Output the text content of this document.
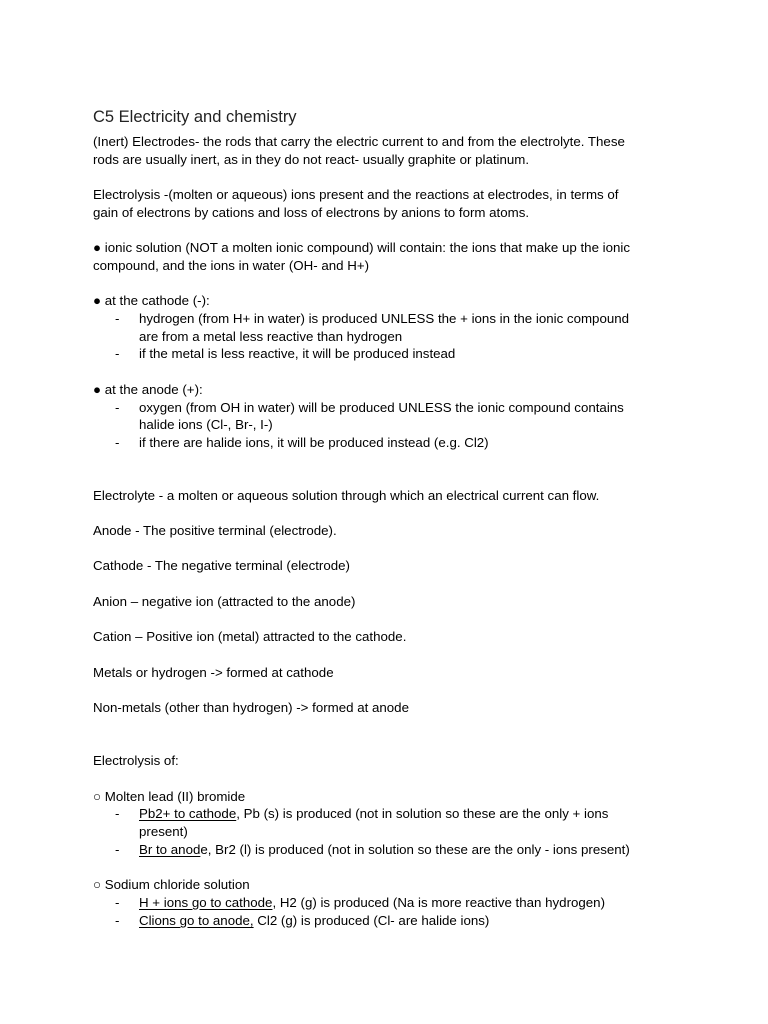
C5 Electricity and chemistry
(Inert) Electrodes- the rods that carry the electric current to and from the electrolyte. These
rods are usually inert, as in they do not react- usually graphite or platinum.
Electrolysis -(molten or aqueous) ions present and the reactions at electrodes, in terms of
gain of electrons by cations and loss of electrons by anions to form atoms.
● ionic solution (NOT a molten ionic compound) will contain: the ions that make up the ionic
compound, and the ions in water (OH- and H+)
● at the cathode (-):
- hydrogen (from H+ in water) is produced UNLESS the + ions in the ionic compound
are from a metal less reactive than hydrogen
- if the metal is less reactive, it will be produced instead
● at the anode (+):
- oxygen (from OH in water) will be produced UNLESS the ionic compound contains
halide ions (Cl-, Br-, I-)
- if there are halide ions, it will be produced instead (e.g. Cl2)
Electrolyte - a molten or aqueous solution through which an electrical current can flow.
Anode - The positive terminal (electrode).
Cathode - The negative terminal (electrode)
Anion – negative ion (attracted to the anode)
Cation – Positive ion (metal) attracted to the cathode.
Metals or hydrogen -> formed at cathode
Non-metals (other than hydrogen) -> formed at anode
Electrolysis of:
○ Molten lead (II) bromide
- Pb2+ to cathode, Pb (s) is produced (not in solution so these are the only + ions
present)
- Br to anode, Br2 (l) is produced (not in solution so these are the only - ions present)
○ Sodium chloride solution
- H + ions go to cathode, H2 (g) is produced (Na is more reactive than hydrogen)
- Clions go to anode, Cl2 (g) is produced (Cl- are halide ions)
